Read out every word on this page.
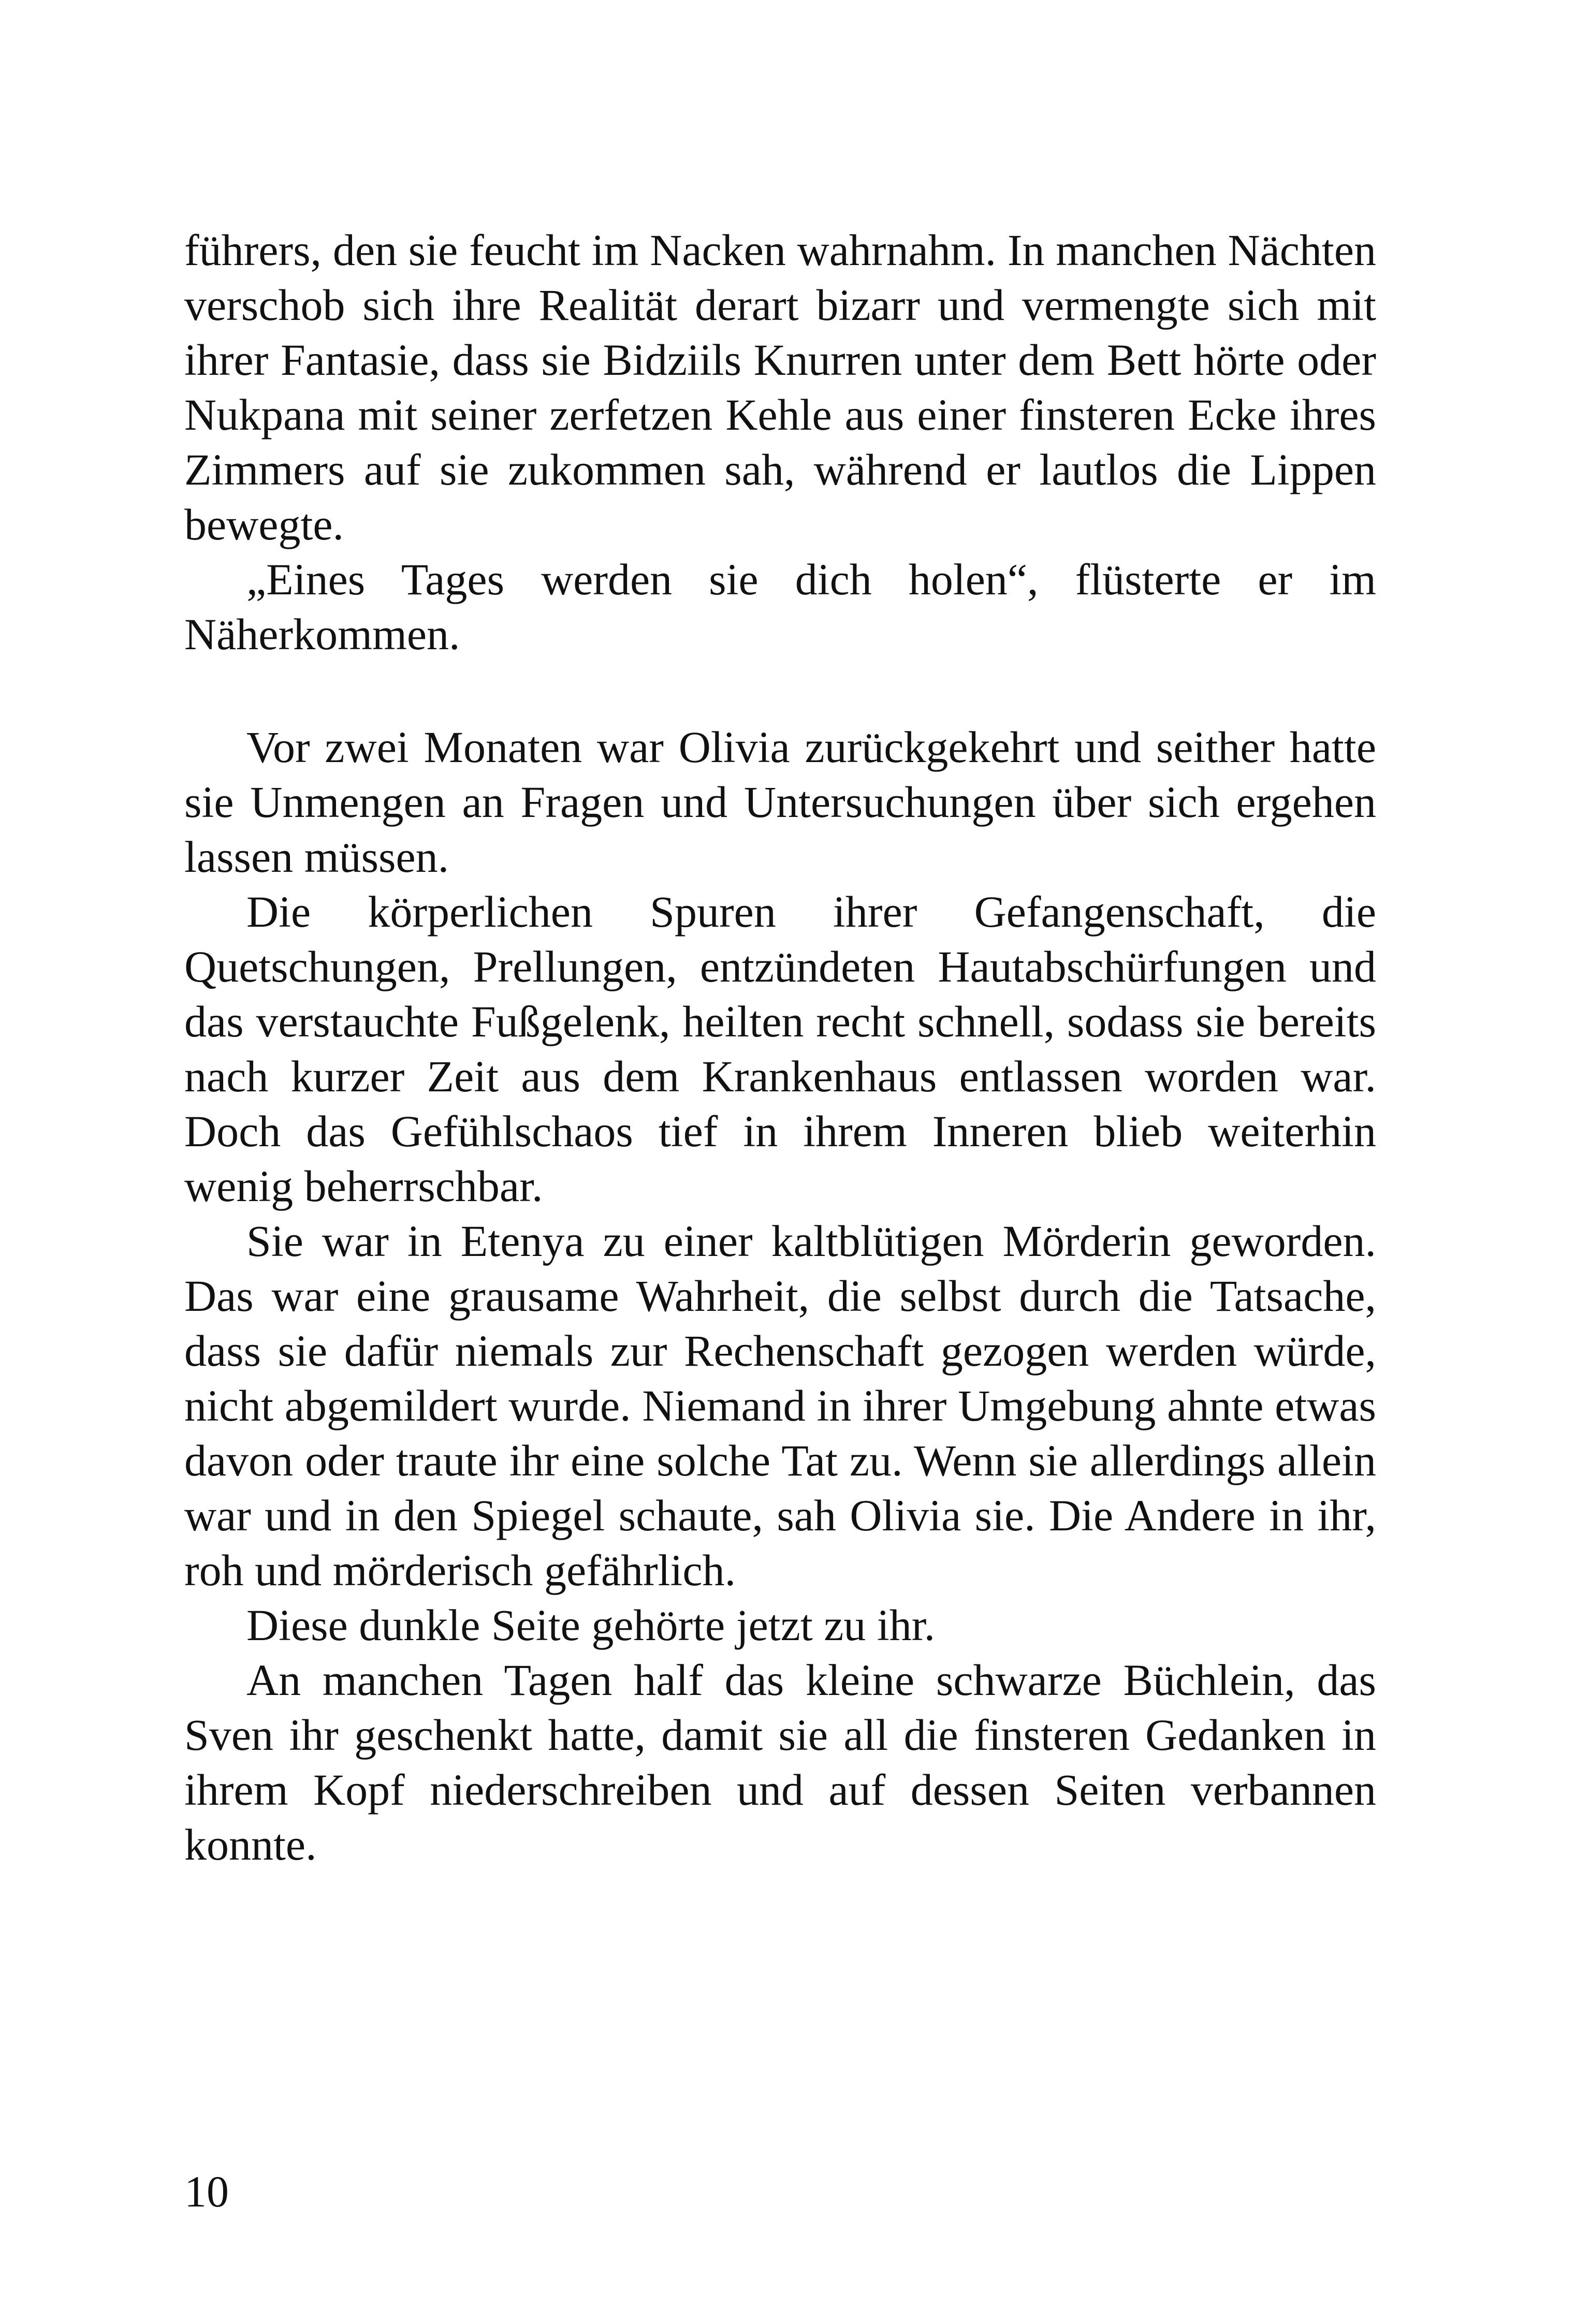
führers, den sie feucht im Nacken wahrnahm. In manchen Nächten verschob sich ihre Realität derart bizarr und vermengte sich mit ihrer Fantasie, dass sie Bidziils Knurren unter dem Bett hörte oder Nukpana mit seiner zerfetzen Kehle aus einer finsteren Ecke ihres Zimmers auf sie zukommen sah, während er lautlos die Lippen bewegte.

„Eines Tages werden sie dich holen“, flüsterte er im Näherkommen.

Vor zwei Monaten war Olivia zurückgekehrt und seither hatte sie Unmengen an Fragen und Untersuchungen über sich ergehen lassen müssen.

Die körperlichen Spuren ihrer Gefangenschaft, die Quetschungen, Prellungen, entzündeten Hautabschürfungen und das verstauchte Fußgelenk, heilten recht schnell, sodass sie bereits nach kurzer Zeit aus dem Krankenhaus entlassen worden war. Doch das Gefühlschaos tief in ihrem Inneren blieb weiterhin wenig beherrschbar.

Sie war in Etenya zu einer kaltblütigen Mörderin geworden. Das war eine grausame Wahrheit, die selbst durch die Tatsache, dass sie dafür niemals zur Rechenschaft gezogen werden würde, nicht abgemildert wurde. Niemand in ihrer Umgebung ahnte etwas davon oder traute ihr eine solche Tat zu. Wenn sie allerdings allein war und in den Spiegel schaute, sah Olivia sie. Die Andere in ihr, roh und mörderisch gefährlich.

Diese dunkle Seite gehörte jetzt zu ihr.

An manchen Tagen half das kleine schwarze Büchlein, das Sven ihr geschenkt hatte, damit sie all die finsteren Gedanken in ihrem Kopf niederschreiben und auf dessen Seiten verbannen konnte.

10
